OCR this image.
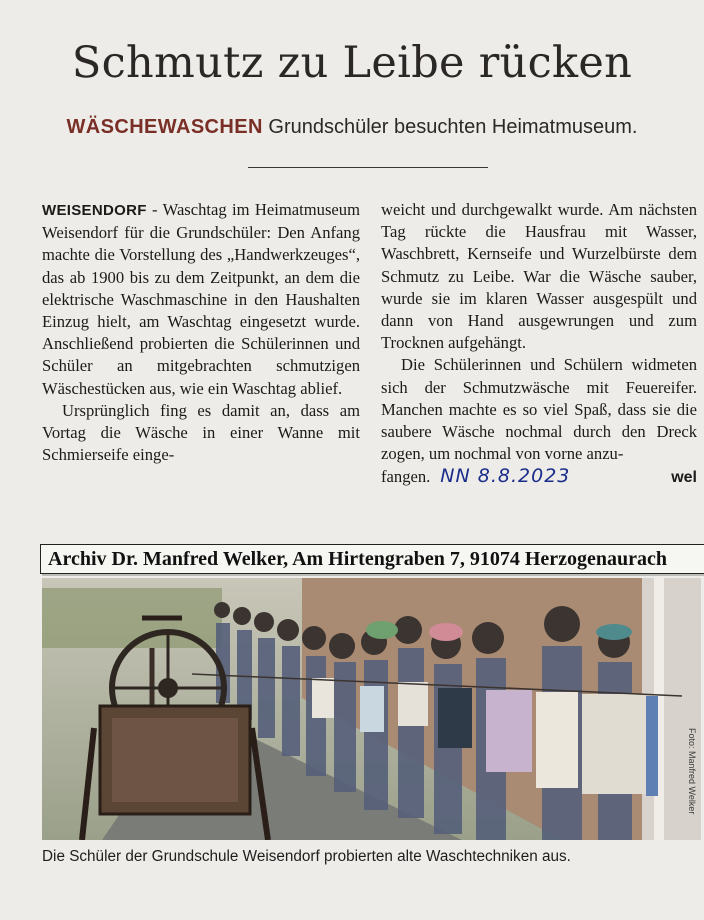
Schmutz zu Leibe rücken
WÄSCHEWASCHEN Grundschüler besuchten Heimatmuseum.

WEISENDORF - Waschtag im Heimatmuseum Weisendorf für die Grundschüler: Den Anfang machte die Vorstellung des „Handwerkzeuges“, das ab 1900 bis zu dem Zeitpunkt, an dem die elektrische Waschmaschine in den Haushalten Einzug hielt, am Waschtag eingesetzt wurde. Anschließend probierten die Schülerinnen und Schüler an mitgebrachten schmutzigen Wäschestücken aus, wie ein Waschtag ablief.

Ursprünglich fing es damit an, dass am Vortag die Wäsche in einer Wanne mit Schmierseife einge-

weicht und durchgewalkt wurde. Am nächsten Tag rückte die Hausfrau mit Wasser, Waschbrett, Kernseife und Wurzelbürste dem Schmutz zu Leibe. War die Wäsche sauber, wurde sie im klaren Wasser ausgespült und dann von Hand ausgewrungen und zum Trocknen aufgehängt.

Die Schülerinnen und Schülern widmeten sich der Schmutzwäsche mit Feuereifer. Manchen machte es so viel Spaß, dass sie die saubere Wäsche nochmal durch den Dreck zogen, um nochmal von vorne anzu-

fangen. NN 8.8.2023	wel
Archiv Dr. Manfred Welker, Am Hirtengraben 7, 91074 Herzogenaurach
Foto: Manfred Welker
Die Schüler der Grundschule Weisendorf probierten alte Waschtechniken aus.
